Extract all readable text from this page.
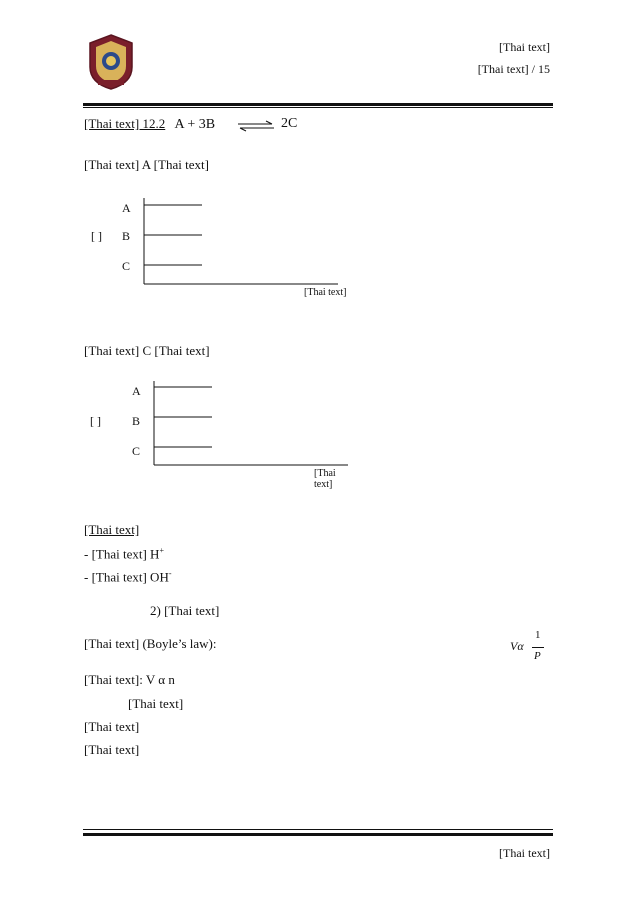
[Thai text]
[Thai text] / 15
[Thai text] 12.2 A + 3B ⇌ 2C
[Thai text] A [Thai text]
A
[ ] B
C
[Thai text]
[Thai text] C [Thai text]
A
[ ]	B
C
[Thai text]
[Thai text]
- [Thai text] H+
- [Thai text] OH-
2) [Thai text]
[Thai text] (Boyle’s law):	Vα
1
P
[Thai text]: V α n
[Thai text]
[Thai text]
[Thai text]
[Thai text]
